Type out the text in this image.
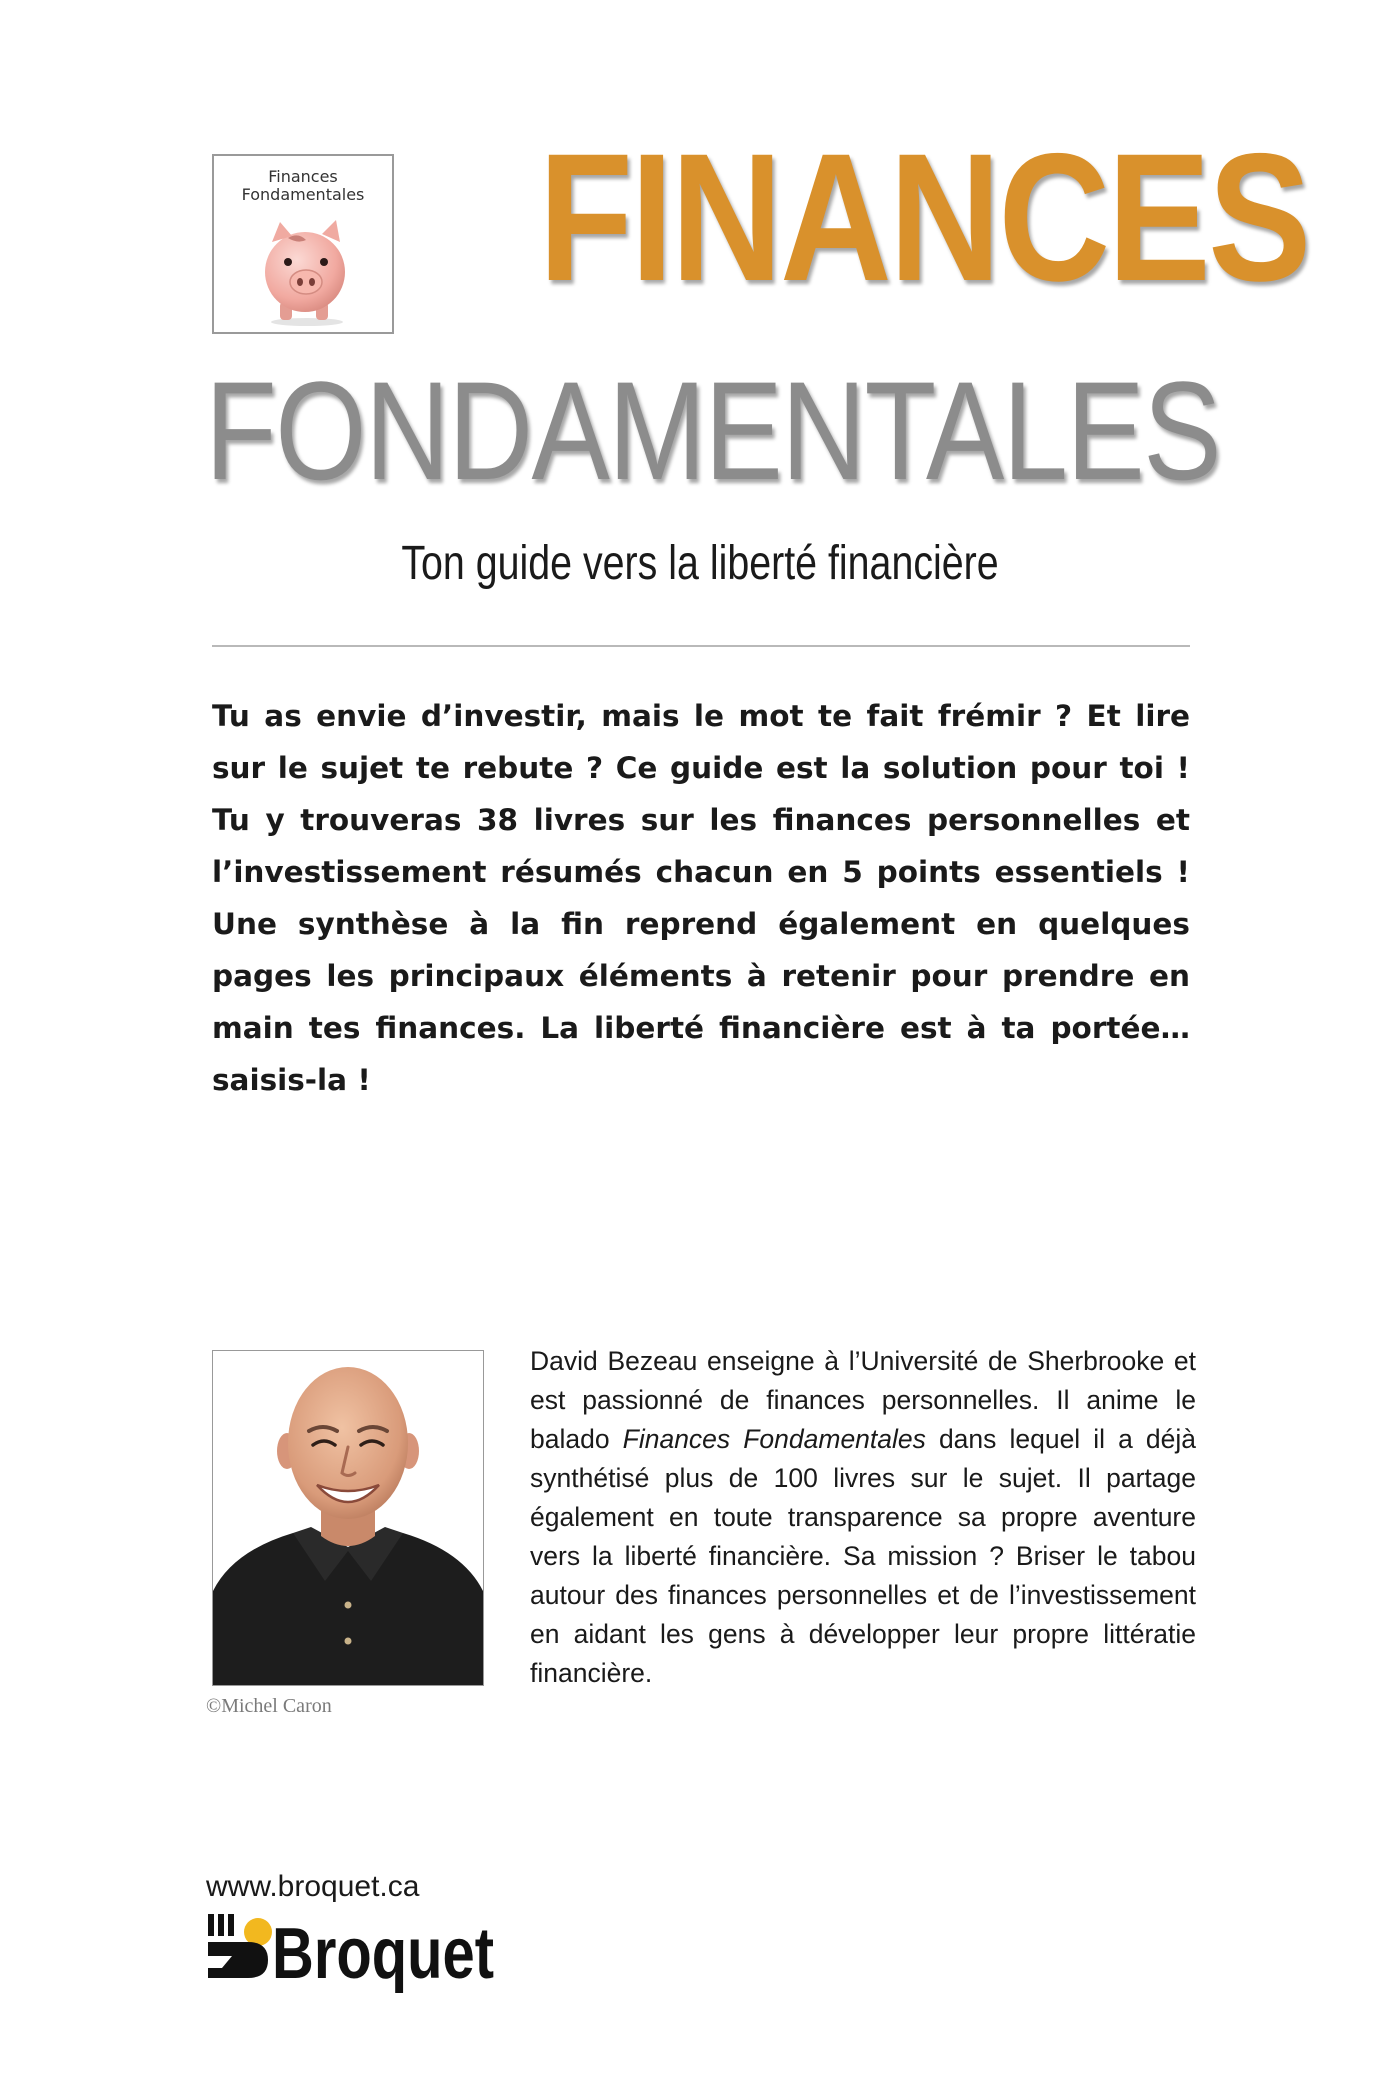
Finances
Fondamentales FINANCES
FONDAMENTALES
Ton guide vers la liberté financière
Tu as envie d’investir, mais le mot te fait frémir ? Et lire sur le sujet te rebute ? Ce guide est la solution pour toi ! Tu y trouveras 38 livres sur les finances personnelles et l’investissement résumés chacun en 5 points essentiels ! Une synthèse à la fin reprend également en quelques pages les principaux éléments à retenir pour prendre en main tes finances. La liberté financière est à ta portée… saisis-la !
©Michel Caron
David Bezeau enseigne à l’Université de Sherbrooke et est passionné de finances personnelles. Il anime le balado Finances Fondamentales dans lequel il a déjà synthétisé plus de 100 livres sur le sujet. Il partage également en toute transparence sa propre aventure vers la liberté financière. Sa mission ? Briser le tabou autour des finances personnelles et de l’investissement en aidant les gens à développer leur propre littératie financière.
www.broquet.ca
Broquet
